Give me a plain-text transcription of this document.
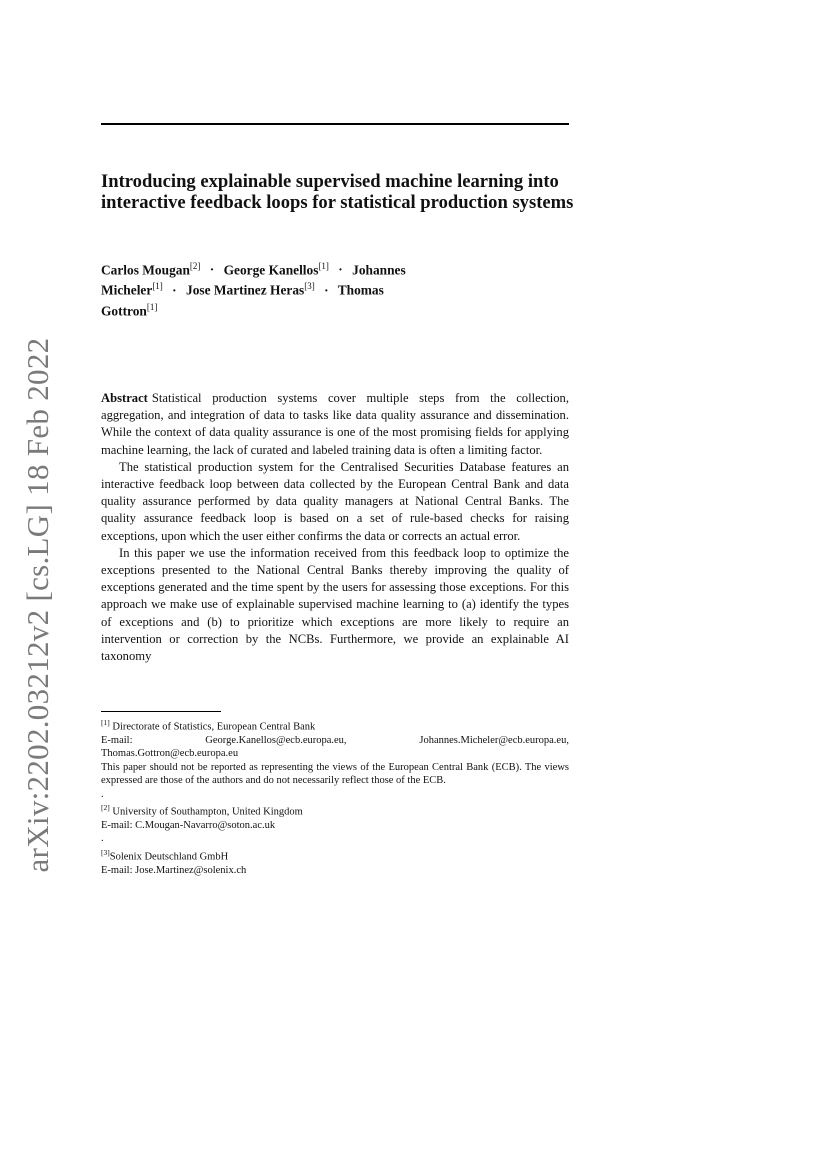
arXiv:2202.03212v2 [cs.LG] 18 Feb 2022
Introducing explainable supervised machine learning into interactive feedback loops for statistical production systems
Carlos Mougan[2] · George Kanellos[1] · Johannes Micheler[1] · Jose Martinez Heras[3] · Thomas Gottron[1]

Abstract Statistical production systems cover multiple steps from the collection, aggregation, and integration of data to tasks like data quality assurance and dissemination. While the context of data quality assurance is one of the most promising fields for applying machine learning, the lack of curated and labeled training data is often a limiting factor.

The statistical production system for the Centralised Securities Database features an interactive feedback loop between data collected by the European Central Bank and data quality assurance performed by data quality managers at National Central Banks. The quality assurance feedback loop is based on a set of rule-based checks for raising exceptions, upon which the user either confirms the data or corrects an actual error.

In this paper we use the information received from this feedback loop to optimize the exceptions presented to the National Central Banks thereby improving the quality of exceptions generated and the time spent by the users for assessing those exceptions. For this approach we make use of explainable supervised machine learning to (a) identify the types of exceptions and (b) to prioritize which exceptions are more likely to require an intervention or correction by the NCBs. Furthermore, we provide an explainable AI taxonomy

[1] Directorate of Statistics, European Central Bank
E-mail:	George.Kanellos@ecb.europa.eu,	Johannes.Micheler@ecb.europa.eu,
Thomas.Gottron@ecb.europa.eu
This paper should not be reported as representing the views of the European Central Bank (ECB). The views expressed are those of the authors and do not necessarily reflect those of the ECB.
.
[2] University of Southampton, United Kingdom
E-mail: C.Mougan-Navarro@soton.ac.uk
.
[3]Solenix Deutschland GmbH
E-mail: Jose.Martinez@solenix.ch
